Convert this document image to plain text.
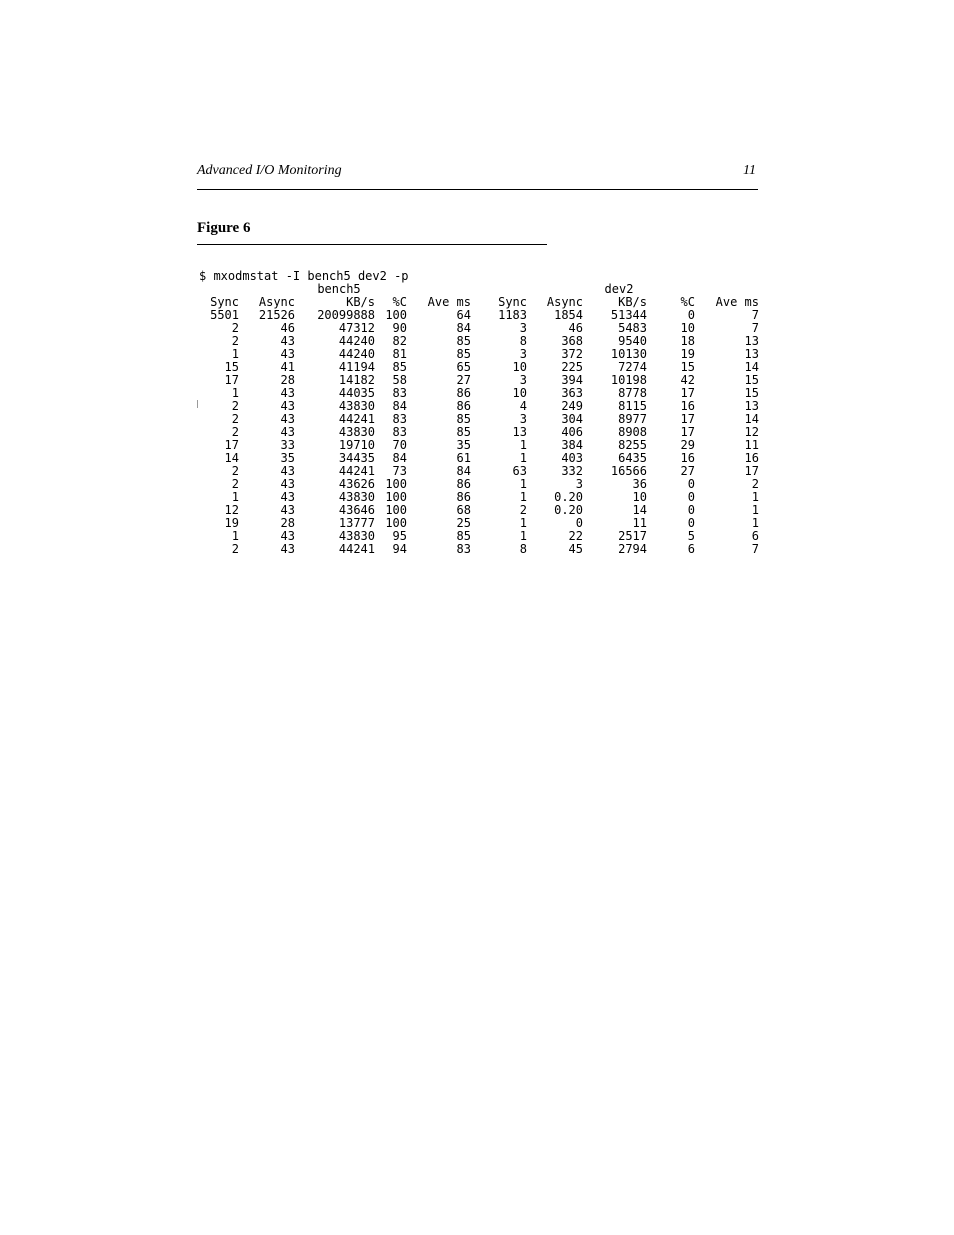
Advanced I/O Monitoring	11
Figure 6
$ mxodmstat -I bench5 dev2 -p
bench5	dev2
Sync	Async	KB/s	%C	Ave ms	Sync	Async	KB/s	%C	Ave ms
5501	21526	20099888 100	64	1183	1854	51344	0	7
2	46	47312	90	84	3	46	5483	10	7
2	43	44240	82	85	8	368	9540	18	13
1	43	44240	81	85	3	372	10130	19	13
15	41	41194	85	65	10	225	7274	15	14
17	28	14182	58	27	3	394	10198	42	15
1	43	44035	83	86	10	363	8778	17	15
2	43	43830	84	86	4	249	8115	16	13
2	43	44241	83	85	3	304	8977	17	14
2	43	43830	83	85	13	406	8908	17	12
17	33	19710	70	35	1	384	8255	29	11
14	35	34435	84	61	1	403	6435	16	16
2	43	44241	73	84	63	332	16566	27	17
2	43	43626 100	86	1	3	36	0	2
1	43	43830 100	86	1	0.20	10	0	1
12	43	43646 100	68	2	0.20	14	0	1
19	28	13777 100	25	1	0	11	0	1
1	43	43830	95	85	1	22	2517	5	6
2	43	44241	94	83	8	45	2794	6	7
